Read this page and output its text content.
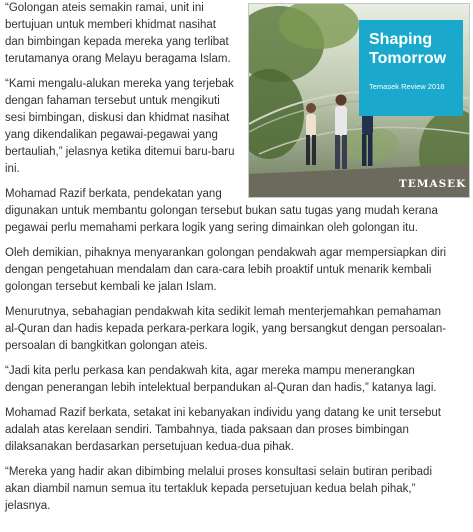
“Golongan ateis semakin ramai, unit ini
bertujuan untuk memberi khidmat nasihat
dan bimbingan kepada mereka yang terlibat
terutamanya orang Melayu beragama Islam.

“Kami mengalu-alukan mereka yang terjebak
dengan fahaman tersebut untuk mengikuti
sesi bimbingan, diskusi dan khidmat nasihat
yang dikendalikan pegawai-pegawai yang
bertauliah,” jelasnya ketika ditemui baru-baru
ini.

Mohamad Razif berkata, pendekatan yang
digunakan untuk membantu golongan tersebut bukan satu tugas yang mudah kerana
pegawai perlu memahami perkara logik yang sering dimainkan oleh golongan itu.

Oleh demikian, pihaknya menyarankan golongan pendakwah agar mempersiapkan diri
dengan pengetahuan mendalam dan cara-cara lebih proaktif untuk menarik kembali
golongan tersebut kembali ke jalan Islam.

Menurutnya, sebahagian pendakwah kita sedikit lemah menterjemahkan pemahaman
al-Quran dan hadis kepada perkara-perkara logik, yang bersangkut dengan persoalan-
persoalan di bangkitkan golongan ateis.

“Jadi kita perlu perkasa kan pendakwah kita, agar mereka mampu menerangkan
dengan penerangan lebih intelektual berpandukan al-Quran dan hadis,” katanya lagi.

Mohamad Razif berkata, setakat ini kebanyakan individu yang datang ke unit tersebut
adalah atas kerelaan sendiri. Tambahnya, tiada paksaan dan proses bimbingan
dilaksanakan berdasarkan persetujuan kedua-dua pihak.

“Mereka yang hadir akan dibimbing melalui proses konsultasi selain butiran peribadi
akan diambil namun semua itu tertakluk kepada persetujuan kedua belah pihak,”
jelasnya.

Shaping
Tomorrow
Temasek Review 2018
TEMASEK
